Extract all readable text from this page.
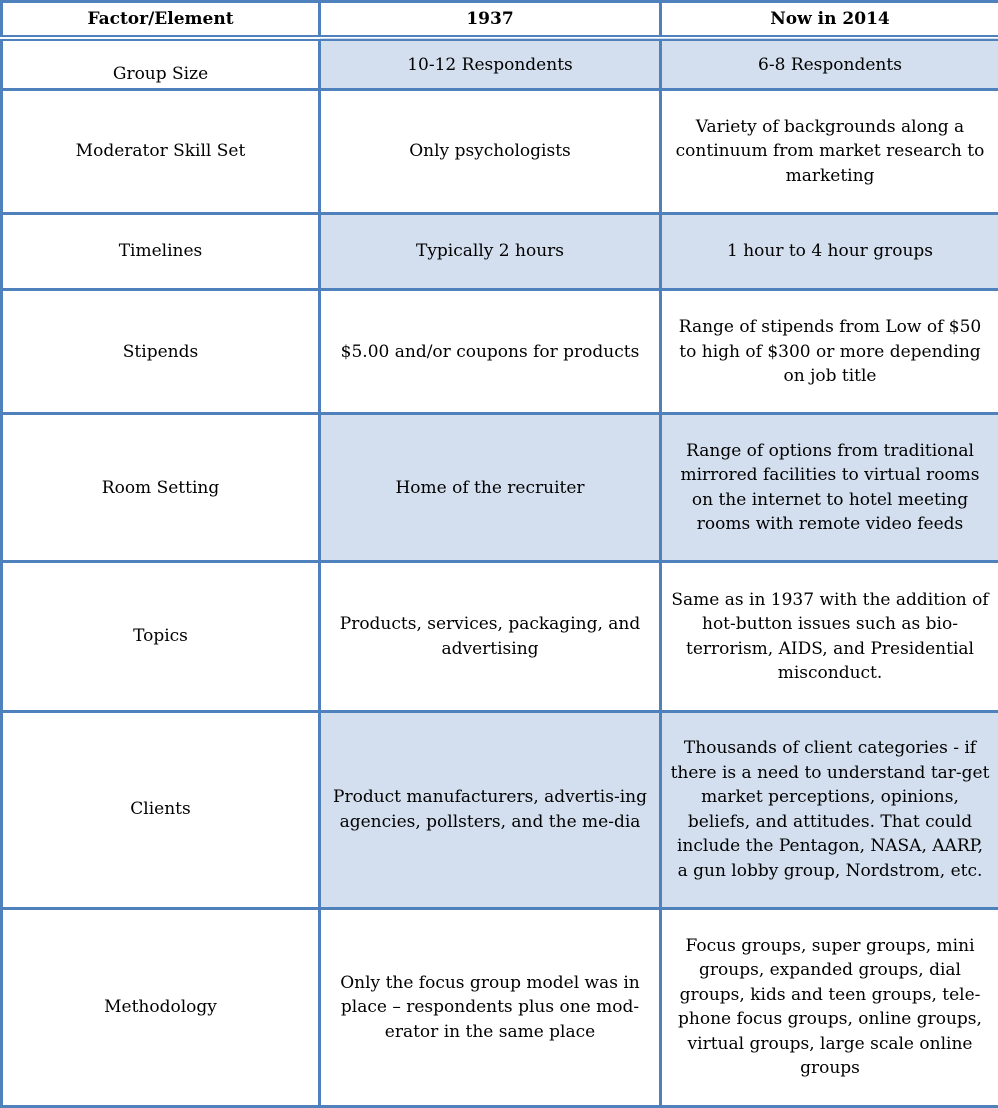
Factor/Element	1937	Now in 2014
Group Size	10-12 Respondents	6-8 Respondents
Moderator Skill Set	Only psychologists	Variety of backgrounds along a continuum from market research to marketing
Timelines	Typically 2 hours	1 hour to 4 hour groups
Stipends	$5.00 and/or coupons for products	Range of stipends from Low of $50 to high of $300 or more depending on job title
Room Setting	Home of the recruiter	Range of options from traditional mirrored facilities to virtual rooms on the internet to hotel meeting rooms with remote video feeds
Topics	Products, services, packaging, and advertising	Same as in 1937 with the addition of hot-button issues such as bio-terrorism, AIDS, and Presidential misconduct.
Clients	Product manufacturers, advertis-ing agencies, pollsters, and the me-dia	Thousands of client categories - if there is a need to understand tar-get market perceptions, opinions, beliefs, and attitudes. That could include the Pentagon, NASA, AARP, a gun lobby group, Nordstrom, etc.
Methodology	Only the focus group model was in place – respondents plus one mod-erator in the same place	Focus groups, super groups, mini groups, expanded groups, dial groups, kids and teen groups, tele-phone focus groups, online groups, virtual groups, large scale online groups
